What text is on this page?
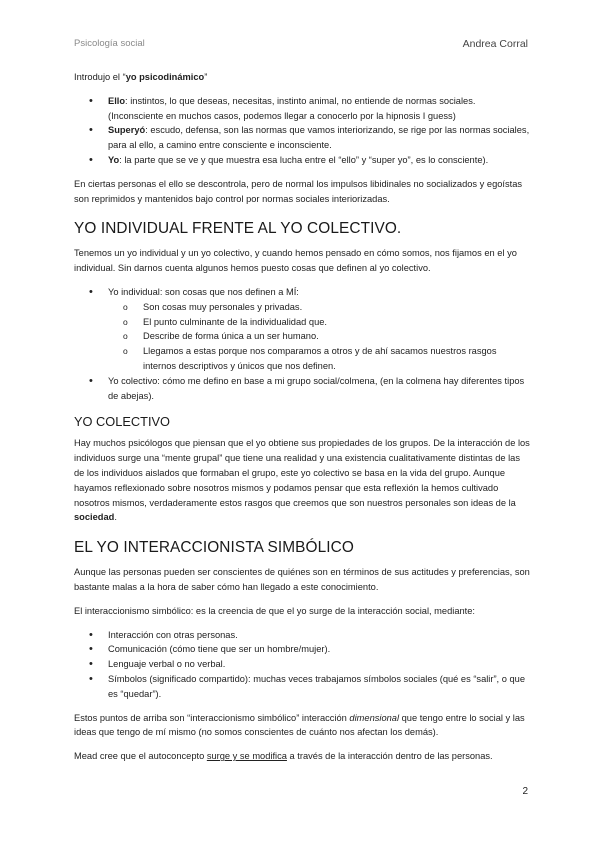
Psicología social	Andrea Corral

Introdujo el “yo psicodinámico”

• Ello: instintos, lo que deseas, necesitas, instinto animal, no entiende de normas sociales. (Inconsciente en muchos casos, podemos llegar a conocerlo por la hipnosis I guess)
• Superyó: escudo, defensa, son las normas que vamos interiorizando, se rige por las normas sociales, para al ello, a camino entre consciente e inconsciente.
• Yo: la parte que se ve y que muestra esa lucha entre el “ello” y “super yo”, es lo consciente).

En ciertas personas el ello se descontrola, pero de normal los impulsos libidinales no socializados y egoístas son reprimidos y mantenidos bajo control por normas sociales interiorizadas.

YO INDIVIDUAL FRENTE AL YO COLECTIVO.

Tenemos un yo individual y un yo colectivo, y cuando hemos pensado en cómo somos, nos fijamos en el yo individual. Sin darnos cuenta algunos hemos puesto cosas que definen al yo colectivo.

• Yo individual: son cosas que nos definen a MÍ:
o Son cosas muy personales y privadas.
o El punto culminante de la individualidad que.
o Describe de forma única a un ser humano.
o Llegamos a estas porque nos comparamos a otros y de ahí sacamos nuestros rasgos internos descriptivos y únicos que nos definen.
• Yo colectivo: cómo me defino en base a mi grupo social/colmena, (en la colmena hay diferentes tipos de abejas).
YO COLECTIVO

Hay muchos psicólogos que piensan que el yo obtiene sus propiedades de los grupos. De la interacción de los individuos surge una “mente grupal” que tiene una realidad y una existencia cualitativamente distintas de las de los individuos aislados que formaban el grupo, este yo colectivo se basa en la vida del grupo. Aunque hayamos reflexionado sobre nosotros mismos y podamos pensar que esta reflexión la hemos cultivado nosotros mismos, verdaderamente estos rasgos que creemos que son nuestros personales son ideas de la sociedad.

EL YO INTERACCIONISTA SIMBÓLICO

Aunque las personas pueden ser conscientes de quiénes son en términos de sus actitudes y preferencias, son bastante malas a la hora de saber cómo han llegado a este conocimiento.

El interaccionismo simbólico: es la creencia de que el yo surge de la interacción social, mediante:

• Interacción con otras personas.
• Comunicación (cómo tiene que ser un hombre/mujer).
• Lenguaje verbal o no verbal.
• Símbolos (significado compartido): muchas veces trabajamos símbolos sociales (qué es “salir”, o que es “quedar”).

Estos puntos de arriba son “interaccionismo simbólico” interacción dimensional que tengo entre lo social y las ideas que tengo de mí mismo (no somos conscientes de cuánto nos afectan los demás).

Mead cree que el autoconcepto surge y se modifica a través de la interacción dentro de las personas.

2
